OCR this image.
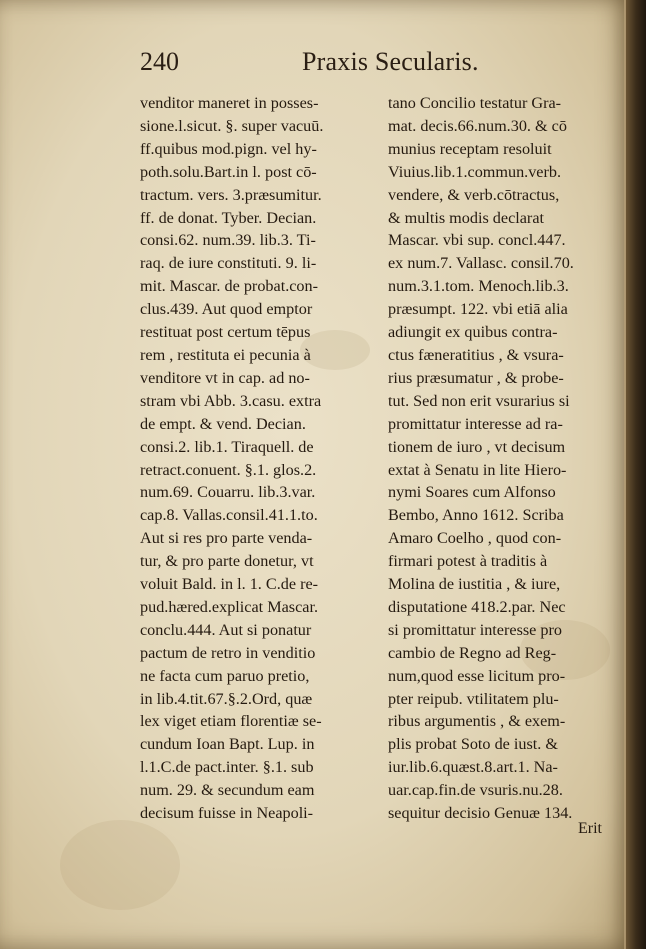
240	Praxis Secularis.
venditor maneret in posses-
sione.l.sicut. §. super vacuū.
ff.quibus mod.pign. vel hy-
poth.solu.Bart.in l. post cō-
tractum. vers. 3.præsumitur.
ff. de donat. Tyber. Decian.
consi.62. num.39. lib.3. Ti-
raq. de iure constituti. 9. li-
mit. Mascar. de probat.con-
clus.439. Aut quod emptor
restituat post certum tēpus
rem , restituta ei pecunia à
venditore vt in cap. ad no-
stram vbi Abb. 3.casu. extra
de empt. & vend. Decian.
consi.2. lib.1. Tiraquell. de
retract.conuent. §.1. glos.2.
num.69. Couarru. lib.3.var.
cap.8. Vallas.consil.41.1.to.
Aut si res pro parte venda-
tur, & pro parte donetur, vt
voluit Bald. in l. 1. C.de re-
pud.hæred.explicat Mascar.
conclu.444. Aut si ponatur
pactum de retro in venditio
ne facta cum paruo pretio,
in lib.4.tit.67.§.2.Ord, quæ
lex viget etiam florentiæ se-
cundum Ioan Bapt. Lup. in
l.1.C.de pact.inter. §.1. sub
num. 29. & secundum eam
decisum fuisse in Neapoli-
tano Concilio testatur Gra-
mat. decis.66.num.30. & cō
munius receptam resoluit
Viuius.lib.1.commun.verb.
vendere, & verb.cōtractus,
& multis modis declarat
Mascar. vbi sup. concl.447.
ex num.7. Vallasc. consil.70.
num.3.1.tom. Menoch.lib.3.
præsumpt. 122. vbi etiā alia
adiungit ex quibus contra-
ctus fæneratitius , & vsura-
rius præsumatur , & probe-
tut. Sed non erit vsurarius si
promittatur interesse ad ra-
tionem de iuro , vt decisum
extat à Senatu in lite Hiero-
nymi Soares cum Alfonso
Bembo, Anno 1612. Scriba
Amaro Coelho , quod con-
firmari potest à traditis à
Molina de iustitia , & iure,
disputatione 418.2.par. Nec
si promittatur interesse pro
cambio de Regno ad Reg-
num,quod esse licitum pro-
pter reipub. vtilitatem plu-
ribus argumentis , & exem-
plis probat Soto de iust. &
iur.lib.6.quæst.8.art.1. Na-
uar.cap.fin.de vsuris.nu.28.
sequitur decisio Genuæ 134.
Erit
